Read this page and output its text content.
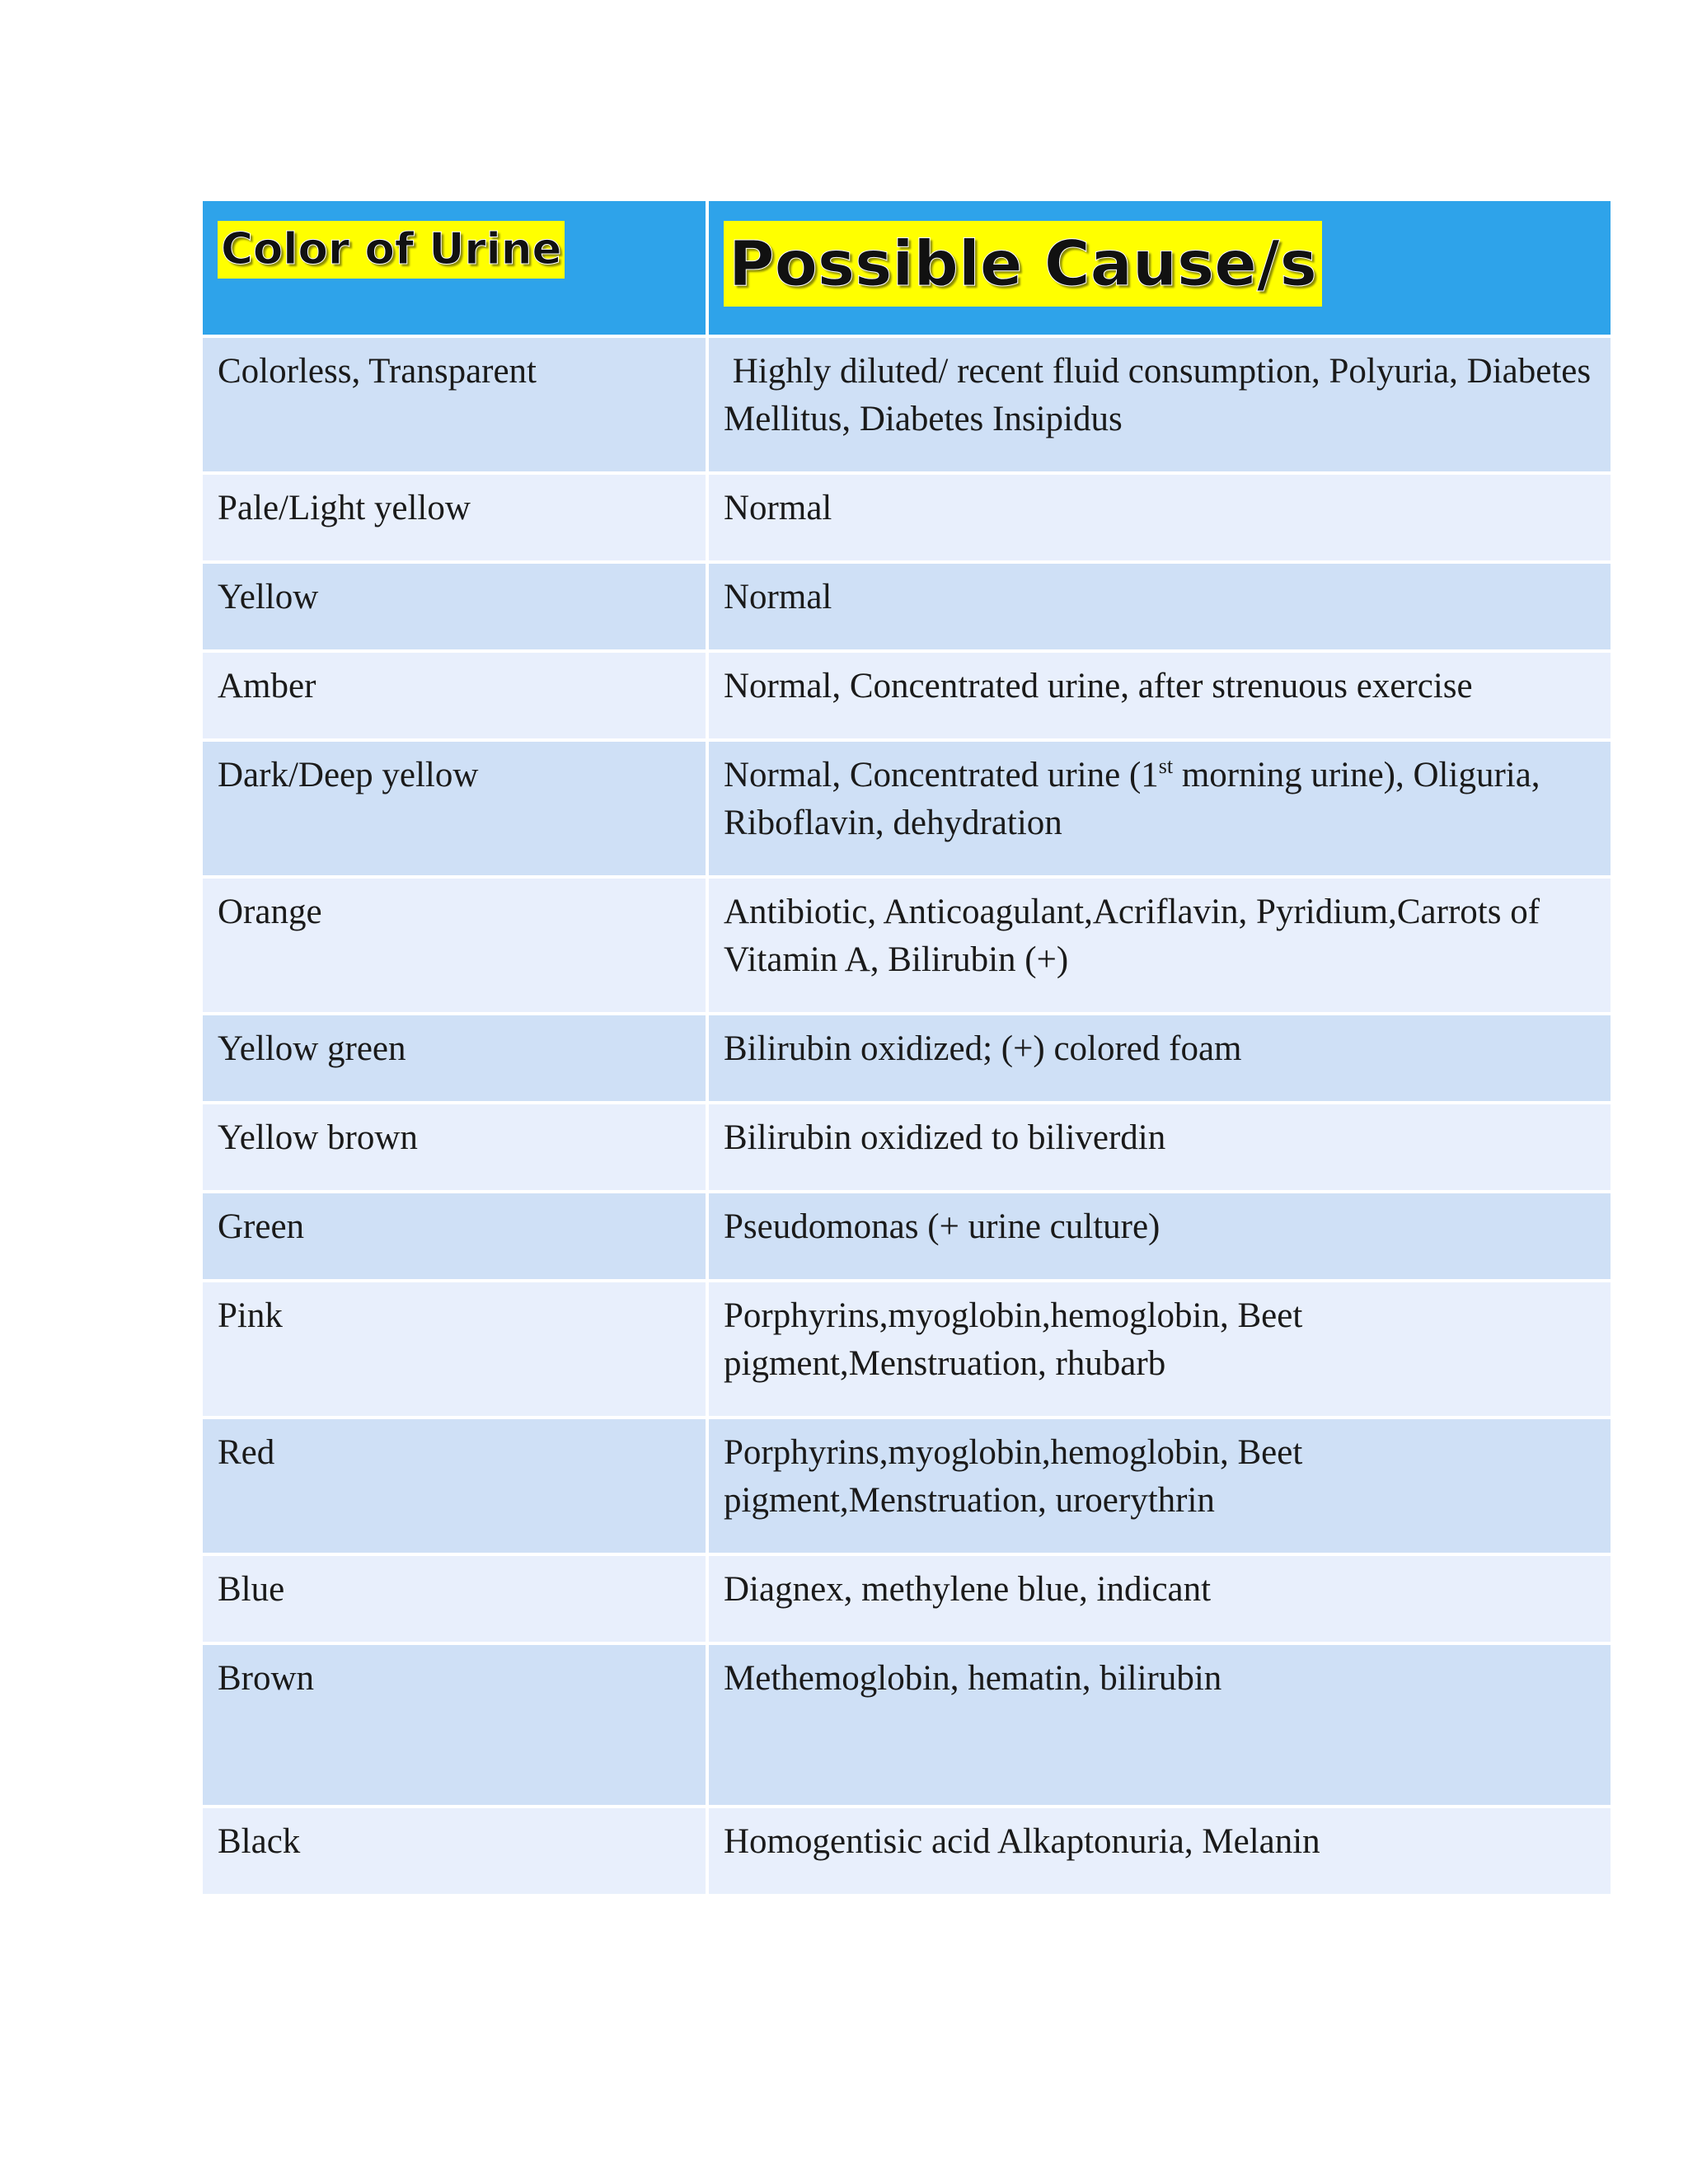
Color of Urine	Possible Cause/s
Colorless, Transparent	Highly diluted/ recent fluid consumption, Polyuria, Diabetes Mellitus, Diabetes Insipidus
Pale/Light yellow	Normal
Yellow	Normal
Amber	Normal, Concentrated urine, after strenuous exercise
Dark/Deep yellow	Normal, Concentrated urine (1st morning urine), Oliguria, Riboflavin, dehydration
Orange	Antibiotic, Anticoagulant,Acriflavin, Pyridium,Carrots of Vitamin A, Bilirubin (+)
Yellow green	Bilirubin oxidized; (+) colored foam
Yellow brown	Bilirubin oxidized to biliverdin
Green	Pseudomonas (+ urine culture)
Pink	Porphyrins,myoglobin,hemoglobin, Beet pigment,Menstruation, rhubarb
Red	Porphyrins,myoglobin,hemoglobin, Beet pigment,Menstruation, uroerythrin
Blue	Diagnex, methylene blue, indicant
Brown	Methemoglobin, hematin, bilirubin
Black	Homogentisic acid Alkaptonuria, Melanin
